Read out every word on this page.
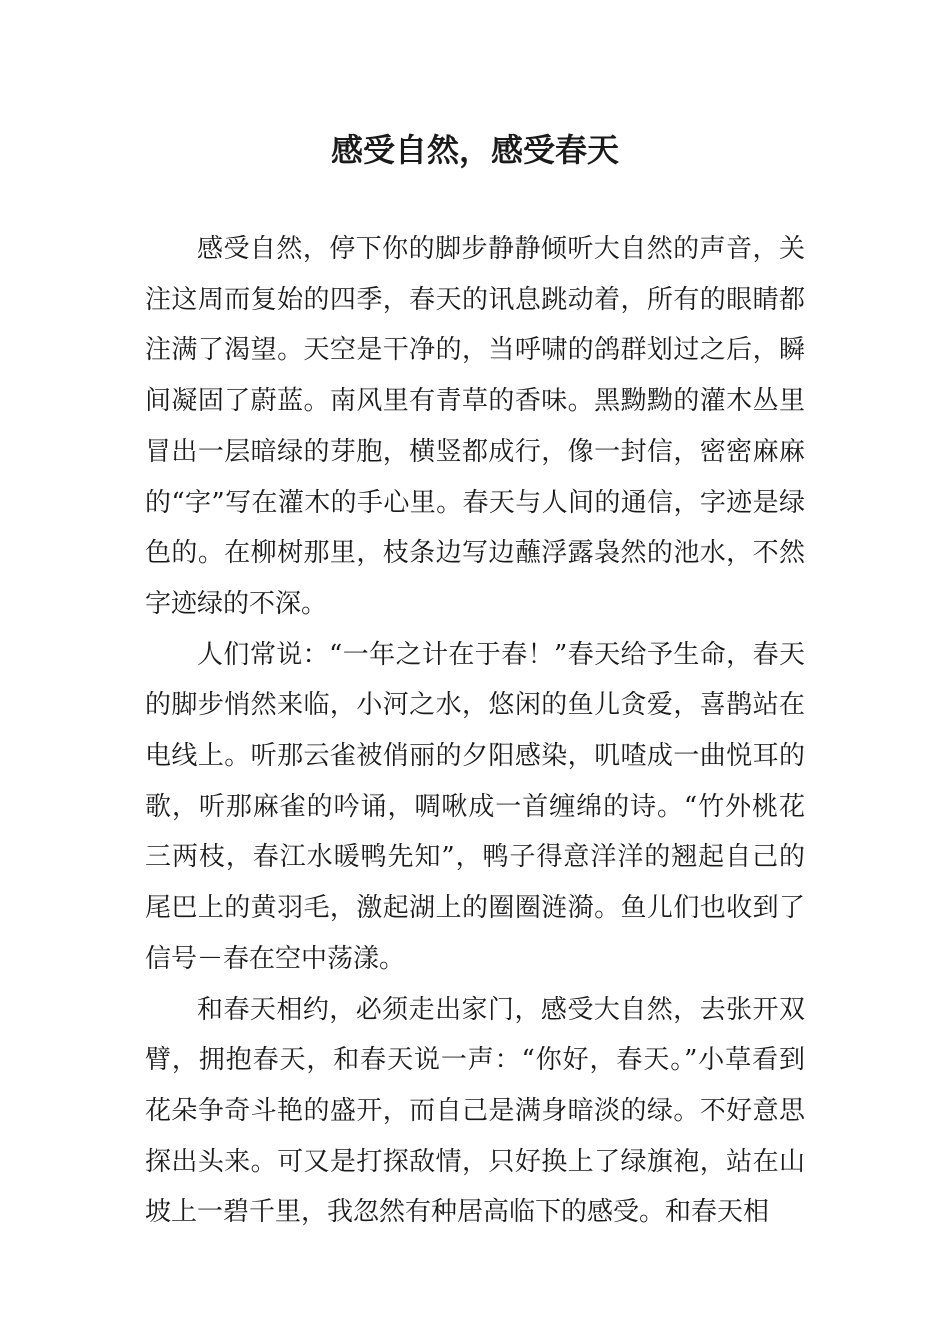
感受自然，感受春天

感受自然，停下你的脚步静静倾听大自然的声音，关注这周而复始的四季，春天的讯息跳动着，所有的眼睛都注满了渴望。天空是干净的，当呼啸的鸽群划过之后，瞬间凝固了蔚蓝。南风里有青草的香味。黑黝黝的灌木丛里冒出一层暗绿的芽胞，横竖都成行，像一封信，密密麻麻的“字”写在灌木的手心里。春天与人间的通信，字迹是绿色的。在柳树那里，枝条边写边蘸浮露袅然的池水，不然字迹绿的不深。

人们常说：“一年之计在于春！”春天给予生命，春天的脚步悄然来临，小河之水，悠闲的鱼儿贪爱，喜鹊站在电线上。听那云雀被俏丽的夕阳感染，叽喳成一曲悦耳的歌，听那麻雀的吟诵，啁啾成一首缠绵的诗。“竹外桃花三两枝，春江水暖鸭先知”，鸭子得意洋洋的翘起自己的尾巴上的黄羽毛，激起湖上的圈圈涟漪。鱼儿们也收到了信号－春在空中荡漾。

和春天相约，必须走出家门，感受大自然，去张开双臂，拥抱春天，和春天说一声：“你好，春天。”小草看到花朵争奇斗艳的盛开，而自己是满身暗淡的绿。不好意思探出头来。可又是打探敌情，只好换上了绿旗袍，站在山坡上一碧千里，我忽然有种居高临下的感受。和春天相
